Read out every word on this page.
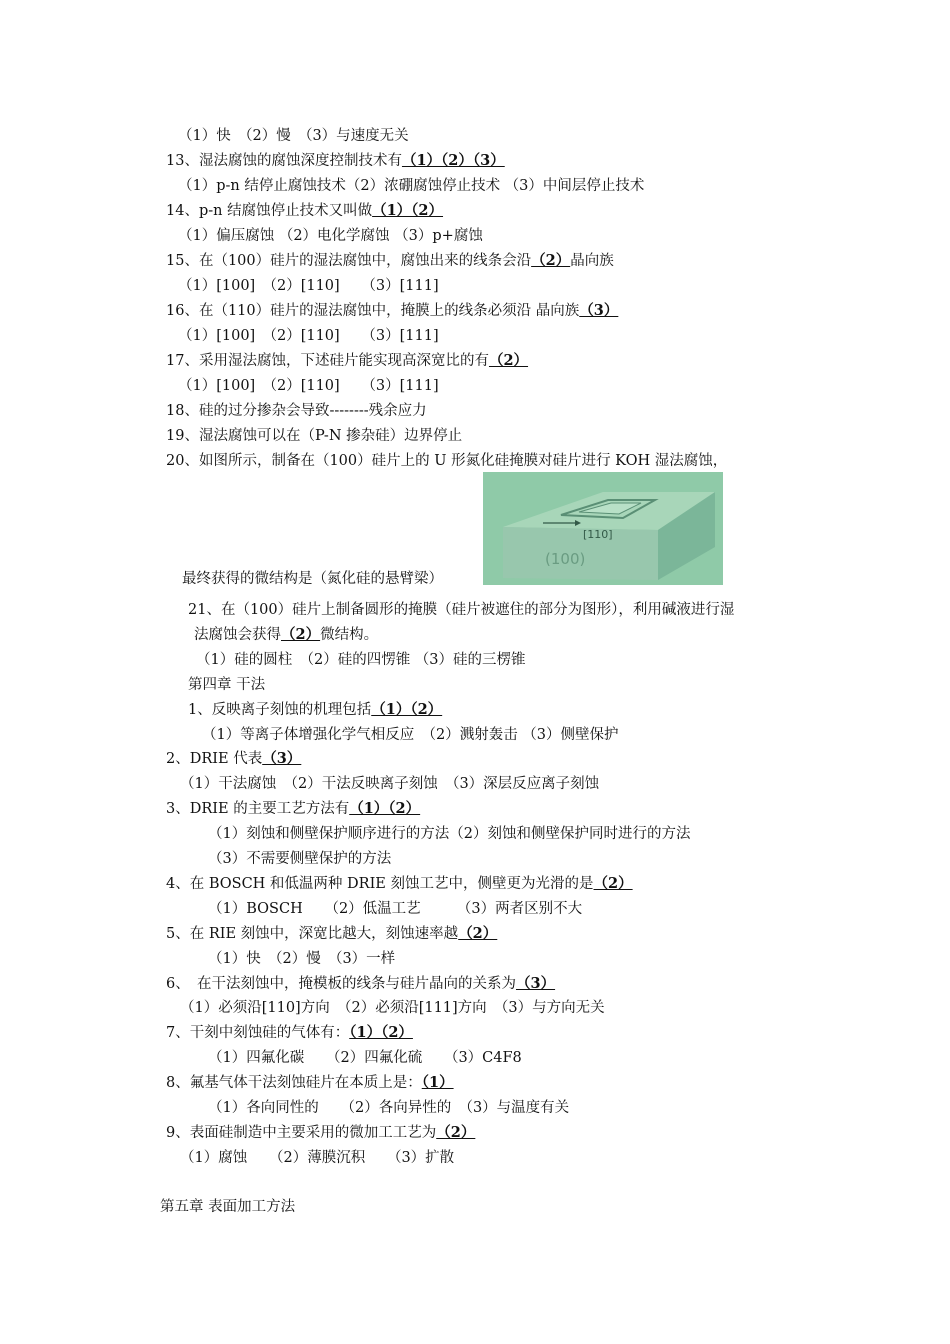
（1）快　（2）慢　（3）与速度无关
13、湿法腐蚀的腐蚀深度控制技术有（1）（2）（3）
（1）p-n 结停止腐蚀技术（2）浓硼腐蚀停止技术 （3）中间层停止技术
14、p-n 结腐蚀停止技术又叫做（1）（2）
（1）偏压腐蚀 （2）电化学腐蚀 （3）p+腐蚀
15、在（100）硅片的湿法腐蚀中，腐蚀出来的线条会沿（2）晶向族
（1）[100]　（2）[110]　　（3）[111]
16、在（110）硅片的湿法腐蚀中，掩膜上的线条必须沿 晶向族（3）
（1）[100]　（2）[110]　　（3）[111]
17、采用湿法腐蚀，下述硅片能实现高深宽比的有（2）
（1）[100]　（2）[110]　　（3）[111]
18、硅的过分掺杂会导致--------残余应力
19、湿法腐蚀可以在（P-N 掺杂硅）边界停止
20、如图所示，制备在（100）硅片上的 U 形氮化硅掩膜对硅片进行 KOH 湿法腐蚀，
最终获得的微结构是（氮化硅的悬臂梁）
21、在（100）硅片上制备圆形的掩膜（硅片被遮住的部分为图形），利用碱液进行湿
法腐蚀会获得（2）微结构。
（1）硅的圆柱　（2）硅的四愣锥 （3）硅的三楞锥
第四章 干法
1、反映离子刻蚀的机理包括（1）（2）
（1）等离子体增强化学气相反应　（2）溅射轰击 （3）侧壁保护
2、DRIE 代表（3）
（1）干法腐蚀　（2）干法反映离子刻蚀　（3）深层反应离子刻蚀
3、DRIE 的主要工艺方法有（1）（2）
（1）刻蚀和侧壁保护顺序进行的方法（2）刻蚀和侧壁保护同时进行的方法
（3）不需要侧壁保护的方法
4、在 BOSCH 和低温两种 DRIE 刻蚀工艺中，侧壁更为光滑的是（2）
（1）BOSCH　　（2）低温工艺　　　（3）两者区别不大
5、在 RIE 刻蚀中，深宽比越大，刻蚀速率越（2）
（1）快　（2）慢　（3）一样
6、　在干法刻蚀中，掩模板的线条与硅片晶向的关系为（3）
（1）必须沿[110]方向　（2）必须沿[111]方向　（3）与方向无关
7、干刻中刻蚀硅的气体有：（1）（2）
（1）四氟化碳　　（2）四氟化硫　　（3）C4F8
8、氟基气体干法刻蚀硅片在本质上是：（1）
（1）各向同性的　　（2）各向异性的　（3）与温度有关
9、表面硅制造中主要采用的微加工工艺为（2）
（1）腐蚀　　（2）薄膜沉积　　（3）扩散
第五章 表面加工方法
[110]
(100)
